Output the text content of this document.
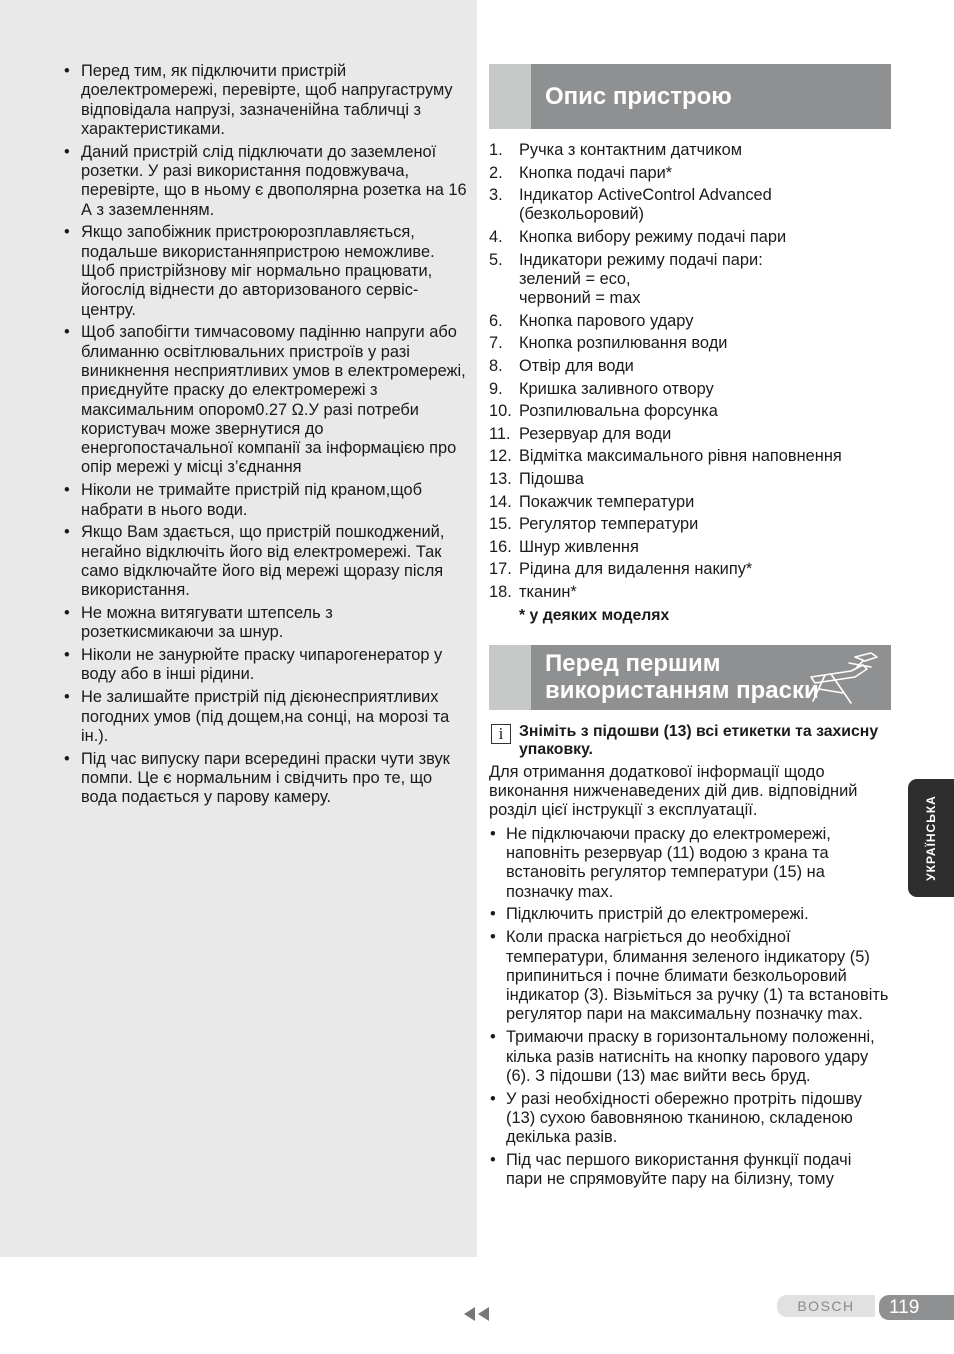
• Перед тим, як підключити пристрій доелектромережі, перевірте, щоб напругаструму відповідала напрузі, зазначенійна табличці з характеристиками.
• Даний пристрій слід підключати до заземленої розетки. У разі використання подовжувача, перевірте, що в ньому є двополярна розетка на 16 А з заземленням.
• Якщо запобіжник пристроюрозплавляється, подальше використанняпристрою неможливе. Щоб пристрійзнову міг нормально працювати, йогослід віднести до авторизованого сервіс-центру.
• Щоб запобігти тимчасовому падінню напруги або блиманню освітлювальних пристроїв у разі виникнення несприятливих умов в електромережі, приєднуйте праску до електромережі з максимальним опором0.27 Ω.У разі потреби користувач може звернутися до енергопостачальної компанії за інформацією про опір мережі у місці з’єднання
• Ніколи не тримайте пристрій під краном,щоб набрати в нього води.
• Якщо Вам здається, що пристрій пошкоджений, негайно відключіть його від електромережі. Так само відключайте його від мережі щоразу після використання.
• Не можна витягувати штепсель з розеткисмикаючи за шнур.
• Ніколи не занурюйте праску чипарогенератор у воду або в інші рідини.
• Не залишайте пристрій під дієюнесприятливих погодних умов (під дощем,на сонці, на морозі та ін.).
• Під час випуску пари всередині праски чути звук помпи. Це є нормальним і свідчить про те, що вода подається у парову камеру.
Опис пристрою
1. Ручка з контактним датчиком
2. Кнопка подачі пари*
3. Індикатор ActiveControl Advanced (безкольоровий)
4. Кнопка вибору режиму подачі пари
5. Індикатори режиму подачі пари:
зелений = eco,
червоний = max
6. Кнопка парового удару
7. Кнопка розпилювання води
8. Отвір для води
9. Кришка заливного отвору
10. Розпилювальна форсунка
11. Резервуар для води
12. Відмітка максимального рівня наповнення
13. Підошва
14. Покажчик температури
15. Регулятор температури
16. Шнур живлення
17. Рідина для видалення накипу*
18. тканин*
* у деяких моделях
Перед першим
використанням праски
i Зніміть з підошви (13) всі етикетки та захисну упаковку.
Для отримання додаткової інформації щодо виконання нижченаведених дій див. відповідний розділ цієї інструкції з експлуатації.
• Не підключаючи праску до електромережі, наповніть резервуар (11) водою з крана та встановіть регулятор температури (15) на позначку max.
• Підключить пристрій до електромережі.
• Коли праска нагріється до необхідної температури, блимання зеленого індикатору (5) припиниться і почне блимати безкольоровий індикатор (3). Візьміться за ручку (1) та встановіть регулятор пари на максимальну позначку max.
• Тримаючи праску в горизонтальному положенні, кілька разів натисніть на кнопку парового удару (6). З підошви (13) має вийти весь бруд.
• У разі необхідності обережно протріть підошву (13) сухою бавовняною тканиною, складеною декілька разів.
• Під час першого використання функції подачі пари не спрямовуйте пару на білизну, тому
УКРАЇНСЬКА
BOSCH	119
